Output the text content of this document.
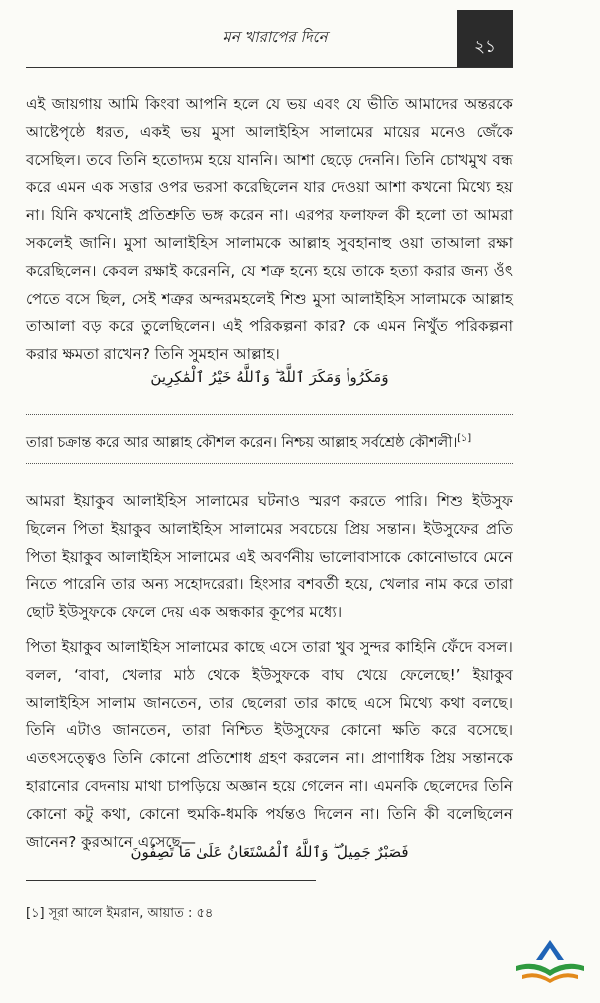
মন খারাপের দিনে	২১

এই জায়গায় আমি কিংবা আপনি হলে যে ভয় এবং যে ভীতি আমাদের অন্তরকে আষ্টেপৃষ্ঠে ধরত, একই ভয় মুসা আলাইহিস সালামের মায়ের মনেও জেঁকে বসেছিল। তবে তিনি হতোদ্যম হয়ে যাননি। আশা ছেড়ে দেননি। তিনি চোখমুখ বন্ধ করে এমন এক সত্তার ওপর ভরসা করেছিলেন যার দেওয়া আশা কখনো মিথ্যে হয় না। যিনি কখনোই প্রতিশ্রুতি ভঙ্গ করেন না। এরপর ফলাফল কী হলো তা আমরা সকলেই জানি। মুসা আলাইহিস সালামকে আল্লাহ সুবহানাহু ওয়া তাআলা রক্ষা করেছিলেন। কেবল রক্ষাই করেননি, যে শত্রু হন্যে হয়ে তাকে হত্যা করার জন্য ওঁৎ পেতে বসে ছিল, সেই শত্রুর অন্দরমহলেই শিশু মুসা আলাইহিস সালামকে আল্লাহ তাআলা বড় করে তুলেছিলেন। এই পরিকল্পনা কার? কে এমন নিখুঁত পরিকল্পনা করার ক্ষমতা রাখেন? তিনি সুমহান আল্লাহ।

وَمَكَرُوا۟ وَمَكَرَ ٱللَّهُ ۖ وَٱللَّهُ خَيْرُ ٱلْمَٰكِرِينَ
তারা চক্রান্ত করে আর আল্লাহ কৌশল করেন। নিশ্চয় আল্লাহ সর্বশ্রেষ্ঠ কৌশলী।[১]

আমরা ইয়াকুব আলাইহিস সালামের ঘটনাও স্মরণ করতে পারি। শিশু ইউসুফ ছিলেন পিতা ইয়াকুব আলাইহিস সালামের সবচেয়ে প্রিয় সন্তান। ইউসুফের প্রতি পিতা ইয়াকুব আলাইহিস সালামের এই অবর্ণনীয় ভালোবাসাকে কোনোভাবে মেনে নিতে পারেনি তার অন্য সহোদরেরা। হিংসার বশবর্তী হয়ে, খেলার নাম করে তারা ছোট ইউসুফকে ফেলে দেয় এক অন্ধকার কূপের মধ্যে।

পিতা ইয়াকুব আলাইহিস সালামের কাছে এসে তারা খুব সুন্দর কাহিনি ফেঁদে বসল। বলল, ‘বাবা, খেলার মাঠ থেকে ইউসুফকে বাঘ খেয়ে ফেলেছে!’ ইয়াকুব আলাইহিস সালাম জানতেন, তার ছেলেরা তার কাছে এসে মিথ্যে কথা বলছে। তিনি এটাও জানতেন, তারা নিশ্চিত ইউসুফের কোনো ক্ষতি করে বসেছে। এতৎসত্ত্বেও তিনি কোনো প্রতিশোধ গ্রহণ করলেন না। প্রাণাধিক প্রিয় সন্তানকে হারানোর বেদনায় মাথা চাপড়িয়ে অজ্ঞান হয়ে গেলেন না। এমনকি ছেলেদের তিনি কোনো কটু কথা, কোনো হুমকি-ধমকি পর্যন্তও দিলেন না। তিনি কী বলেছিলেন জানেন? কুরআনে এসেছে—

فَصَبْرٌ جَمِيلٌ ۖ وَٱللَّهُ ٱلْمُسْتَعَانُ عَلَىٰ مَا تَصِفُونَ
[১] সূরা আলে ইমরান, আয়াত : ৫৪
